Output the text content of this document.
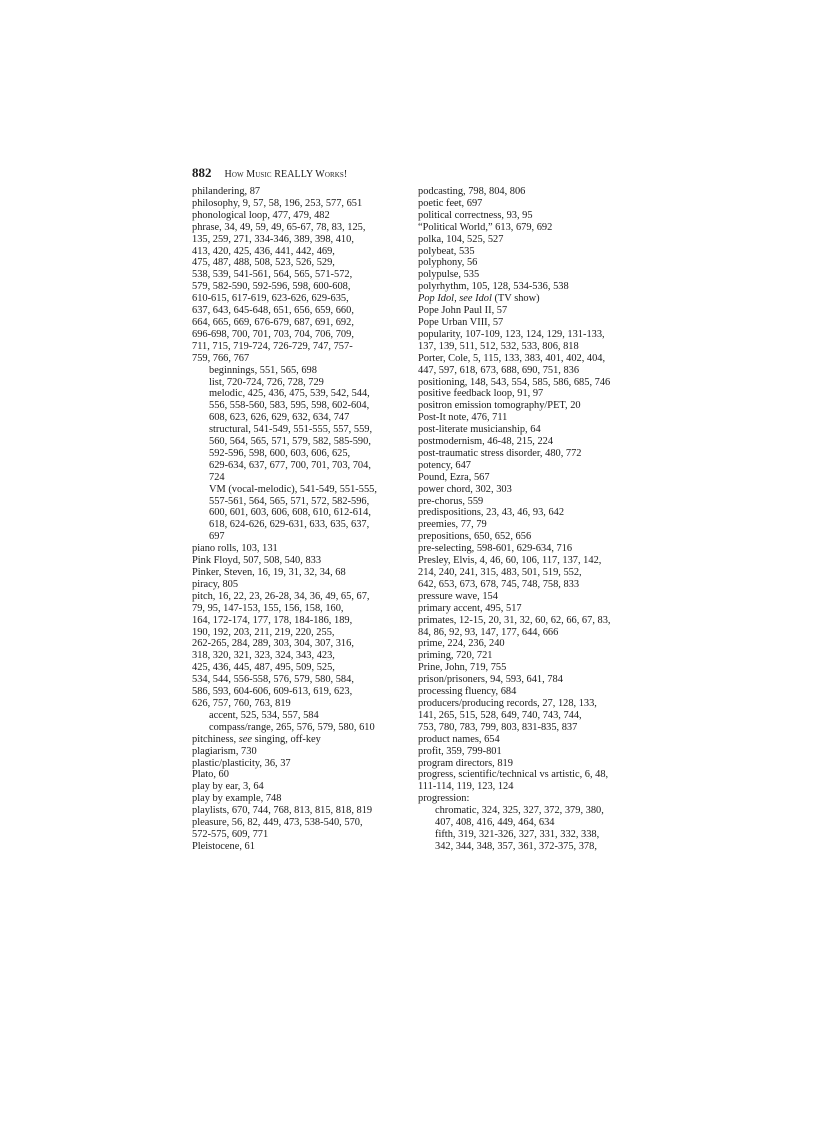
882 How Music REALLY Works!
philandering, 87
philosophy, 9, 57, 58, 196, 253, 577, 651
phonological loop, 477, 479, 482
phrase, 34, 49, 59, 49, 65-67, 78, 83, 125,
135, 259, 271, 334-346, 389, 398, 410,
413, 420, 425, 436, 441, 442, 469,
475, 487, 488, 508, 523, 526, 529,
538, 539, 541-561, 564, 565, 571-572,
579, 582-590, 592-596, 598, 600-608,
610-615, 617-619, 623-626, 629-635,
637, 643, 645-648, 651, 656, 659, 660,
664, 665, 669, 676-679, 687, 691, 692,
696-698, 700, 701, 703, 704, 706, 709,
711, 715, 719-724, 726-729, 747, 757-
759, 766, 767
beginnings, 551, 565, 698
list, 720-724, 726, 728, 729
melodic, 425, 436, 475, 539, 542, 544,
556, 558-560, 583, 595, 598, 602-604,
608, 623, 626, 629, 632, 634, 747
structural, 541-549, 551-555, 557, 559,
560, 564, 565, 571, 579, 582, 585-590,
592-596, 598, 600, 603, 606, 625,
629-634, 637, 677, 700, 701, 703, 704,
724
VM (vocal-melodic), 541-549, 551-555,
557-561, 564, 565, 571, 572, 582-596,
600, 601, 603, 606, 608, 610, 612-614,
618, 624-626, 629-631, 633, 635, 637,
697
piano rolls, 103, 131
Pink Floyd, 507, 508, 540, 833
Pinker, Steven, 16, 19, 31, 32, 34, 68
piracy, 805
pitch, 16, 22, 23, 26-28, 34, 36, 49, 65, 67,
79, 95, 147-153, 155, 156, 158, 160,
164, 172-174, 177, 178, 184-186, 189,
190, 192, 203, 211, 219, 220, 255,
262-265, 284, 289, 303, 304, 307, 316,
318, 320, 321, 323, 324, 343, 423,
425, 436, 445, 487, 495, 509, 525,
534, 544, 556-558, 576, 579, 580, 584,
586, 593, 604-606, 609-613, 619, 623,
626, 757, 760, 763, 819
accent, 525, 534, 557, 584
compass/range, 265, 576, 579, 580, 610
pitchiness, see singing, off-key
plagiarism, 730
plastic/plasticity, 36, 37
Plato, 60
play by ear, 3, 64
play by example, 748
playlists, 670, 744, 768, 813, 815, 818, 819
pleasure, 56, 82, 449, 473, 538-540, 570,
572-575, 609, 771
Pleistocene, 61
podcasting, 798, 804, 806
poetic feet, 697
political correctness, 93, 95
“Political World,” 613, 679, 692
polka, 104, 525, 527
polybeat, 535
polyphony, 56
polypulse, 535
polyrhythm, 105, 128, 534-536, 538
Pop Idol, see Idol (TV show)
Pope John Paul II, 57
Pope Urban VIII, 57
popularity, 107-109, 123, 124, 129, 131-133,
137, 139, 511, 512, 532, 533, 806, 818
Porter, Cole, 5, 115, 133, 383, 401, 402, 404,
447, 597, 618, 673, 688, 690, 751, 836
positioning, 148, 543, 554, 585, 586, 685, 746
positive feedback loop, 91, 97
positron emission tomography/PET, 20
Post-It note, 476, 711
post-literate musicianship, 64
postmodernism, 46-48, 215, 224
post-traumatic stress disorder, 480, 772
potency, 647
Pound, Ezra, 567
power chord, 302, 303
pre-chorus, 559
predispositions, 23, 43, 46, 93, 642
preemies, 77, 79
prepositions, 650, 652, 656
pre-selecting, 598-601, 629-634, 716
Presley, Elvis, 4, 46, 60, 106, 117, 137, 142,
214, 240, 241, 315, 483, 501, 519, 552,
642, 653, 673, 678, 745, 748, 758, 833
pressure wave, 154
primary accent, 495, 517
primates, 12-15, 20, 31, 32, 60, 62, 66, 67, 83,
84, 86, 92, 93, 147, 177, 644, 666
prime, 224, 236, 240
priming, 720, 721
Prine, John, 719, 755
prison/prisoners, 94, 593, 641, 784
processing fluency, 684
producers/producing records, 27, 128, 133,
141, 265, 515, 528, 649, 740, 743, 744,
753, 780, 783, 799, 803, 831-835, 837
product names, 654
profit, 359, 799-801
program directors, 819
progress, scientific/technical vs artistic, 6, 48,
111-114, 119, 123, 124
progression:
chromatic, 324, 325, 327, 372, 379, 380,
407, 408, 416, 449, 464, 634
fifth, 319, 321-326, 327, 331, 332, 338,
342, 344, 348, 357, 361, 372-375, 378,
